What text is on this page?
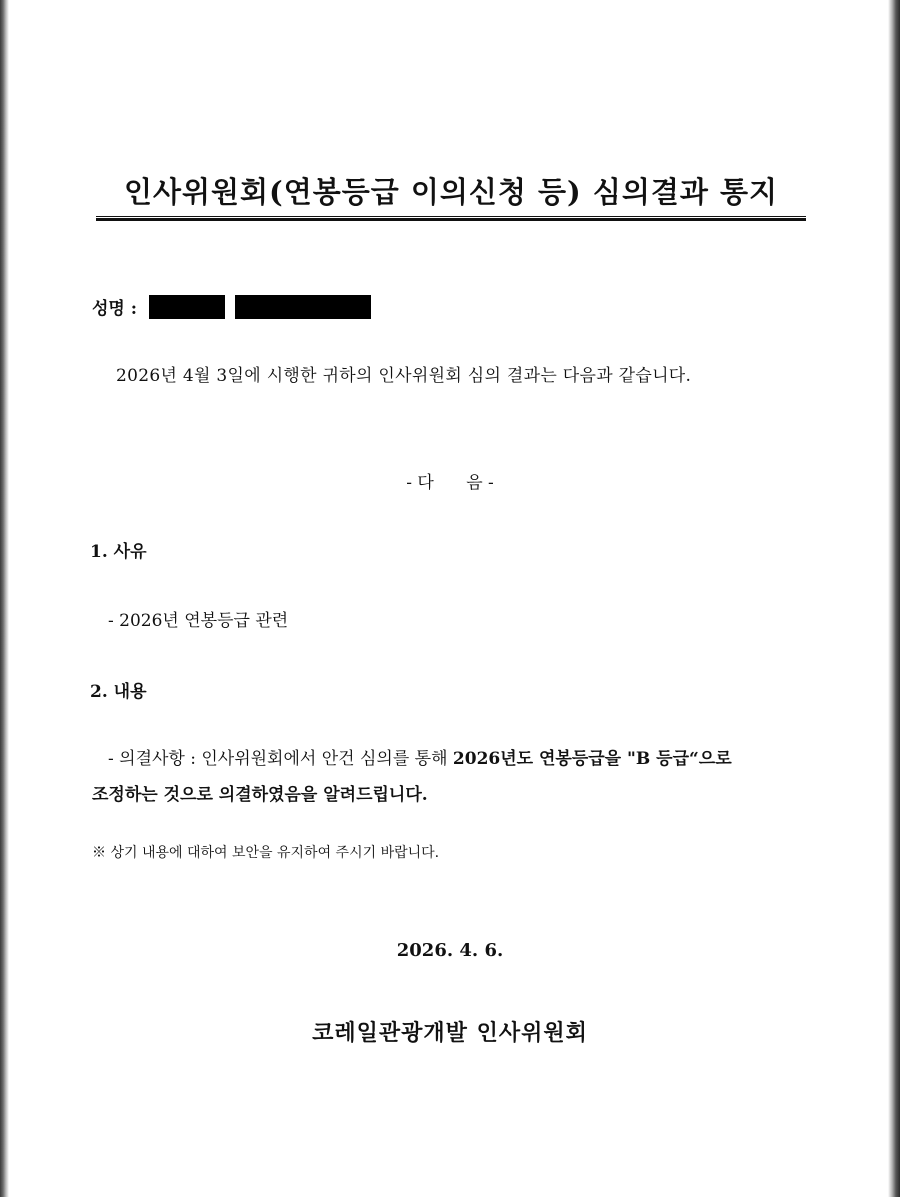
인사위원회(연봉등급 이의신청 등) 심의결과 통지
성명 :
2026년 4월 3일에 시행한 귀하의 인사위원회 심의 결과는 다음과 같습니다.
- 다      음 -
1. 사유
- 2026년 연봉등급 관련
2. 내용
- 의결사항 : 인사위원회에서 안건 심의를 통해 2026년도 연봉등급을 "B 등급“으로
조정하는 것으로 의결하였음을 알려드립니다.
※ 상기 내용에 대하여 보안을 유지하여 주시기 바랍니다.
2026. 4. 6.
코레일관광개발 인사위원회
